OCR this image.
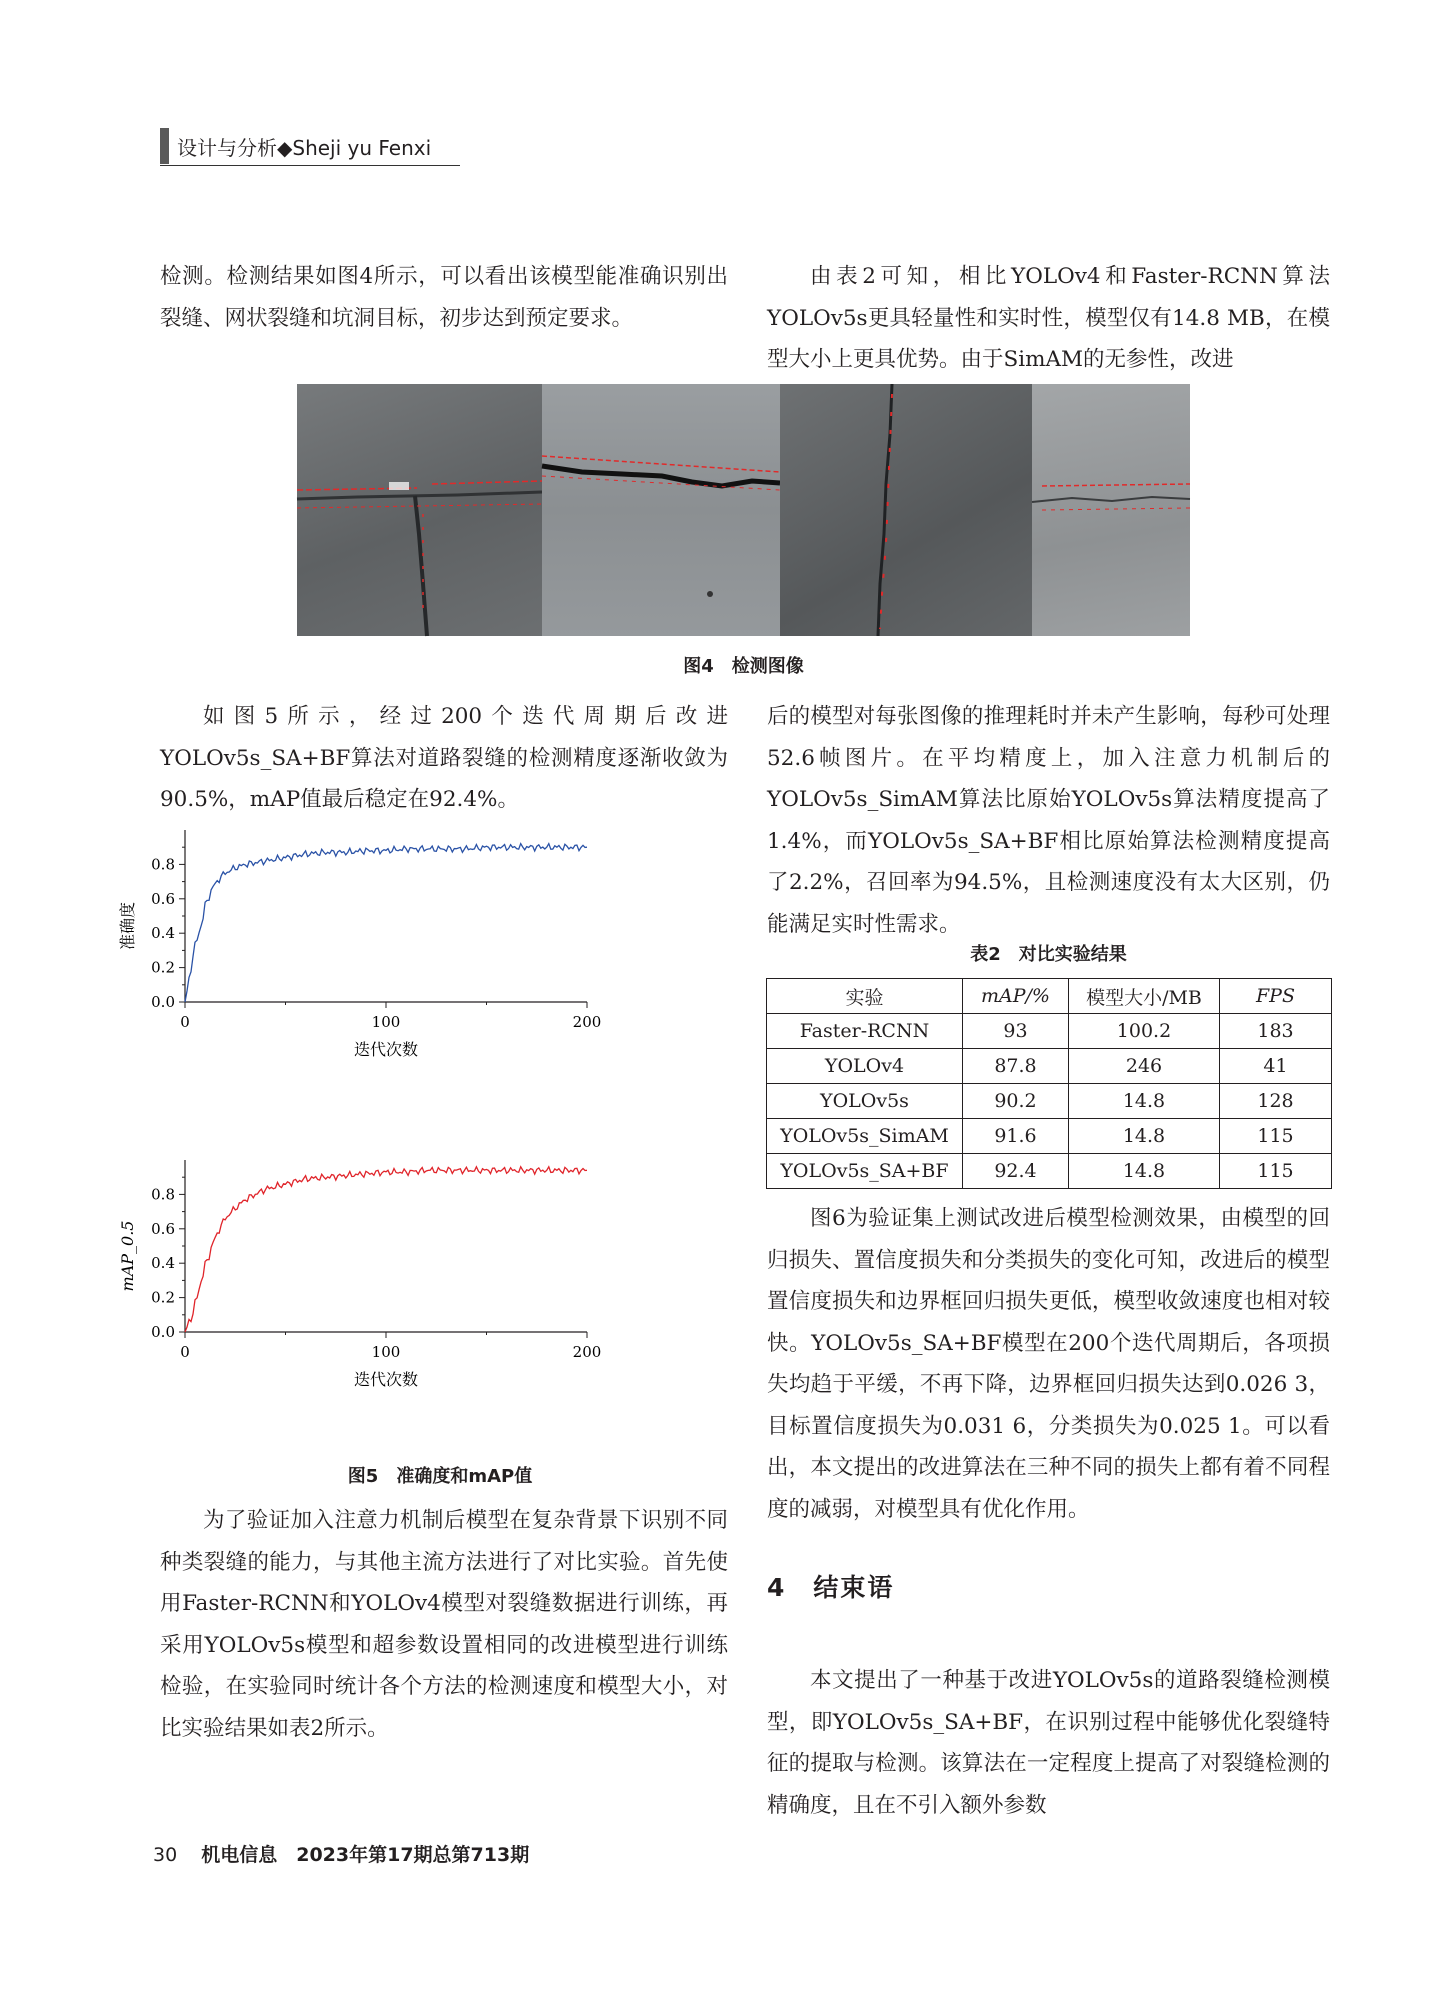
设计与分析◆Sheji yu Fenxi

检测。检测结果如图4所示，可以看出该模型能准确识别出裂缝、网状裂缝和坑洞目标，初步达到预定要求。

由表2可知，相比YOLOv4和Faster-RCNN算法YOLOv5s更具轻量性和实时性，模型仅有14.8 MB，在模型大小上更具优势。由于SimAM的无参性，改进

图4　检测图像

如图5所示，经过200个迭代周期后改进YOLOv5s_SA+BF算法对道路裂缝的检测精度逐渐收敛为90.5%，mAP值最后稳定在92.4%。

后的模型对每张图像的推理耗时并未产生影响，每秒可处理52.6帧图片。在平均精度上，加入注意力机制后的YOLOv5s_SimAM算法比原始YOLOv5s算法精度提高了1.4%，而YOLOv5s_SA+BF相比原始算法检测精度提高了2.2%，召回率为94.5%，且检测速度没有太大区别，仍能满足实时性需求。

0.0
0.2
0.4
0.6
0.8
0	100	200
迭代次数
准确度
0.0
0.2
0.4
0.6
0.8
0	100	200
迭代次数
mAP_0.5
图5　准确度和mAP值

为了验证加入注意力机制后模型在复杂背景下识别不同种类裂缝的能力，与其他主流方法进行了对比实验。首先使用Faster-RCNN和YOLOv4模型对裂缝数据进行训练，再采用YOLOv5s模型和超参数设置相同的改进模型进行训练检验，在实验同时统计各个方法的检测速度和模型大小，对比实验结果如表2所示。

表2　对比实验结果
实验	mAP/%	模型大小/MB	FPS
Faster-RCNN	93	100.2	183
YOLOv4	87.8	246	41
YOLOv5s	90.2	14.8	128
YOLOv5s_SimAM	91.6	14.8	115
YOLOv5s_SA+BF	92.4	14.8	115

图6为验证集上测试改进后模型检测效果，由模型的回归损失、置信度损失和分类损失的变化可知，改进后的模型置信度损失和边界框回归损失更低，模型收敛速度也相对较快。YOLOv5s_SA+BF模型在200个迭代周期后，各项损失均趋于平缓，不再下降，边界框回归损失达到0.026 3，目标置信度损失为0.031 6，分类损失为0.025 1。可以看出，本文提出的改进算法在三种不同的损失上都有着不同程度的减弱，对模型具有优化作用。

4　结束语

本文提出了一种基于改进YOLOv5s的道路裂缝检测模型，即YOLOv5s_SA+BF，在识别过程中能够优化裂缝特征的提取与检测。该算法在一定程度上提高了对裂缝检测的精确度，且在不引入额外参数

30 机电信息　2023年第17期总第713期
